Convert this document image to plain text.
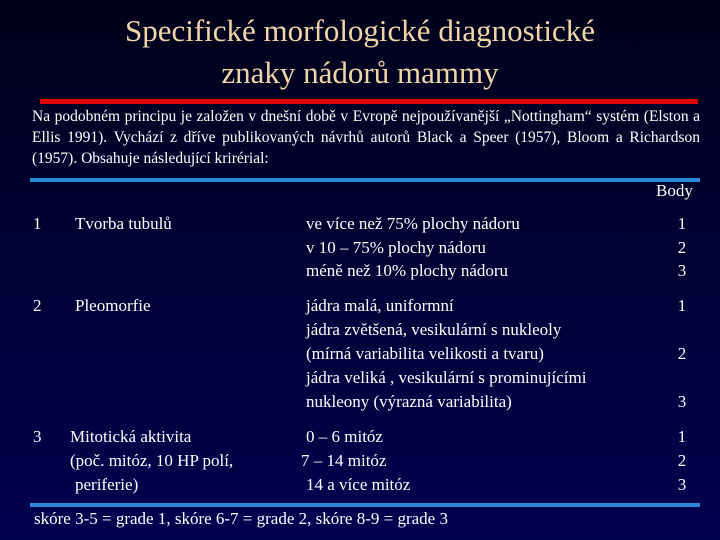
Specifické morfologické diagnostické
znaky nádorů mammy
Na podobném principu je založen v dnešní době v Evropě nejpoužívanější „Nottingham“ systém (Elston a Ellis 1991). Vychází z dříve publikovaných návrhů autorů Black a Speer (1957), Bloom a Richardson (1957). Obsahuje následující krirérial:
Body
1 Tvorba tubulů	ve více než 75% plochy nádoru
v 10 – 75% plochy nádoru
méně než 10% plochy nádoru
1
2
3
2 Pleomorfie	jádra malá, uniformní
jádra zvětšená, vesikulární s nukleoly
(mírná variabilita velikosti a tvaru)
jádra veliká , vesikulární s prominujícími
nukleony (výrazná variabilita)
1
2
3
3 Mitotická aktivita
(poč. mitóz, 10 HP polí,
periferie)
0 – 6 mitóz
7 – 14 mitóz
14 a více mitóz
1
2
3
skóre 3-5 = grade 1, skóre 6-7 = grade 2, skóre 8-9 = grade 3
